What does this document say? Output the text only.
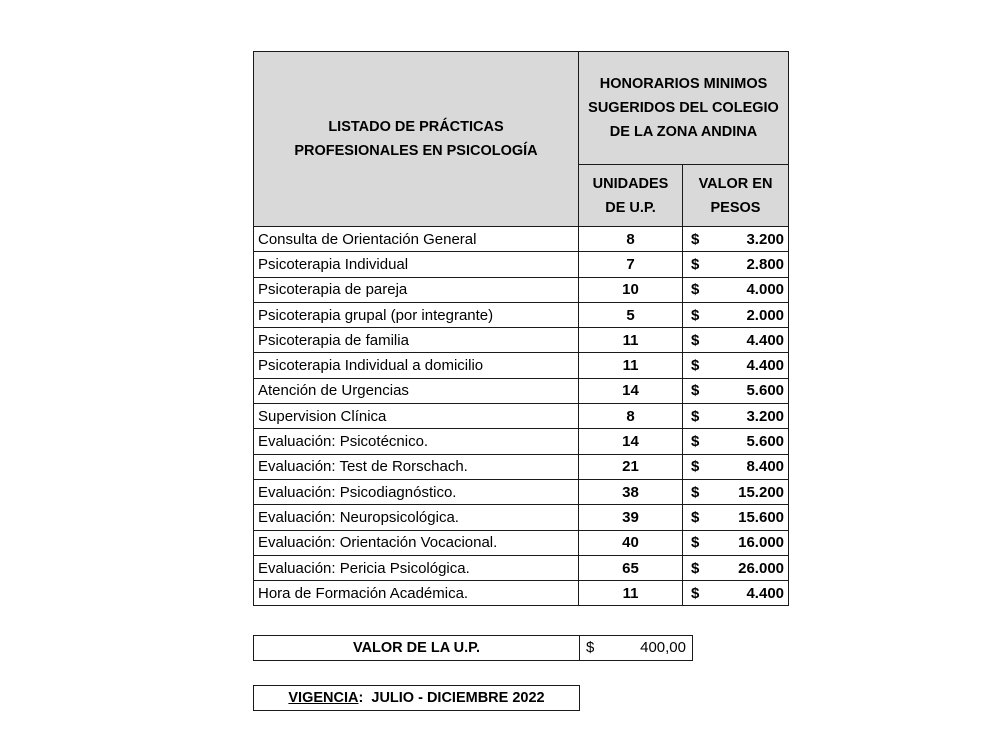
LISTADO DE PRÁCTICAS PROFESIONALES EN PSICOLOGÍA	HONORARIOS MINIMOS SUGERIDOS DEL COLEGIO DE LA ZONA ANDINA	

	UNIDADES DE U.P.	VALOR EN PESOS

Consulta de Orientación General	8	$ 3.200

Psicoterapia Individual	7	$ 2.800

Psicoterapia de pareja	10	$ 4.000

Psicoterapia grupal (por integrante)	5	$ 2.000

Psicoterapia de familia	11	$ 4.400

Psicoterapia Individual a domicilio	11	$ 4.400

Atención de Urgencias	14	$ 5.600

Supervision Clínica	8	$ 3.200

Evaluación: Psicotécnico.	14	$ 5.600

Evaluación: Test de Rorschach.	21	$ 8.400

Evaluación: Psicodiagnóstico.	38	$ 15.200

Evaluación: Neuropsicológica.	39	$ 15.600

Evaluación: Orientación Vocacional.	40	$ 16.000

Evaluación: Pericia Psicológica.	65	$ 26.000

Hora de Formación Académica.	11	$ 4.400
VALOR DE LA U.P.	$	400,00
VIGENCIA: JULIO - DICIEMBRE 2022
